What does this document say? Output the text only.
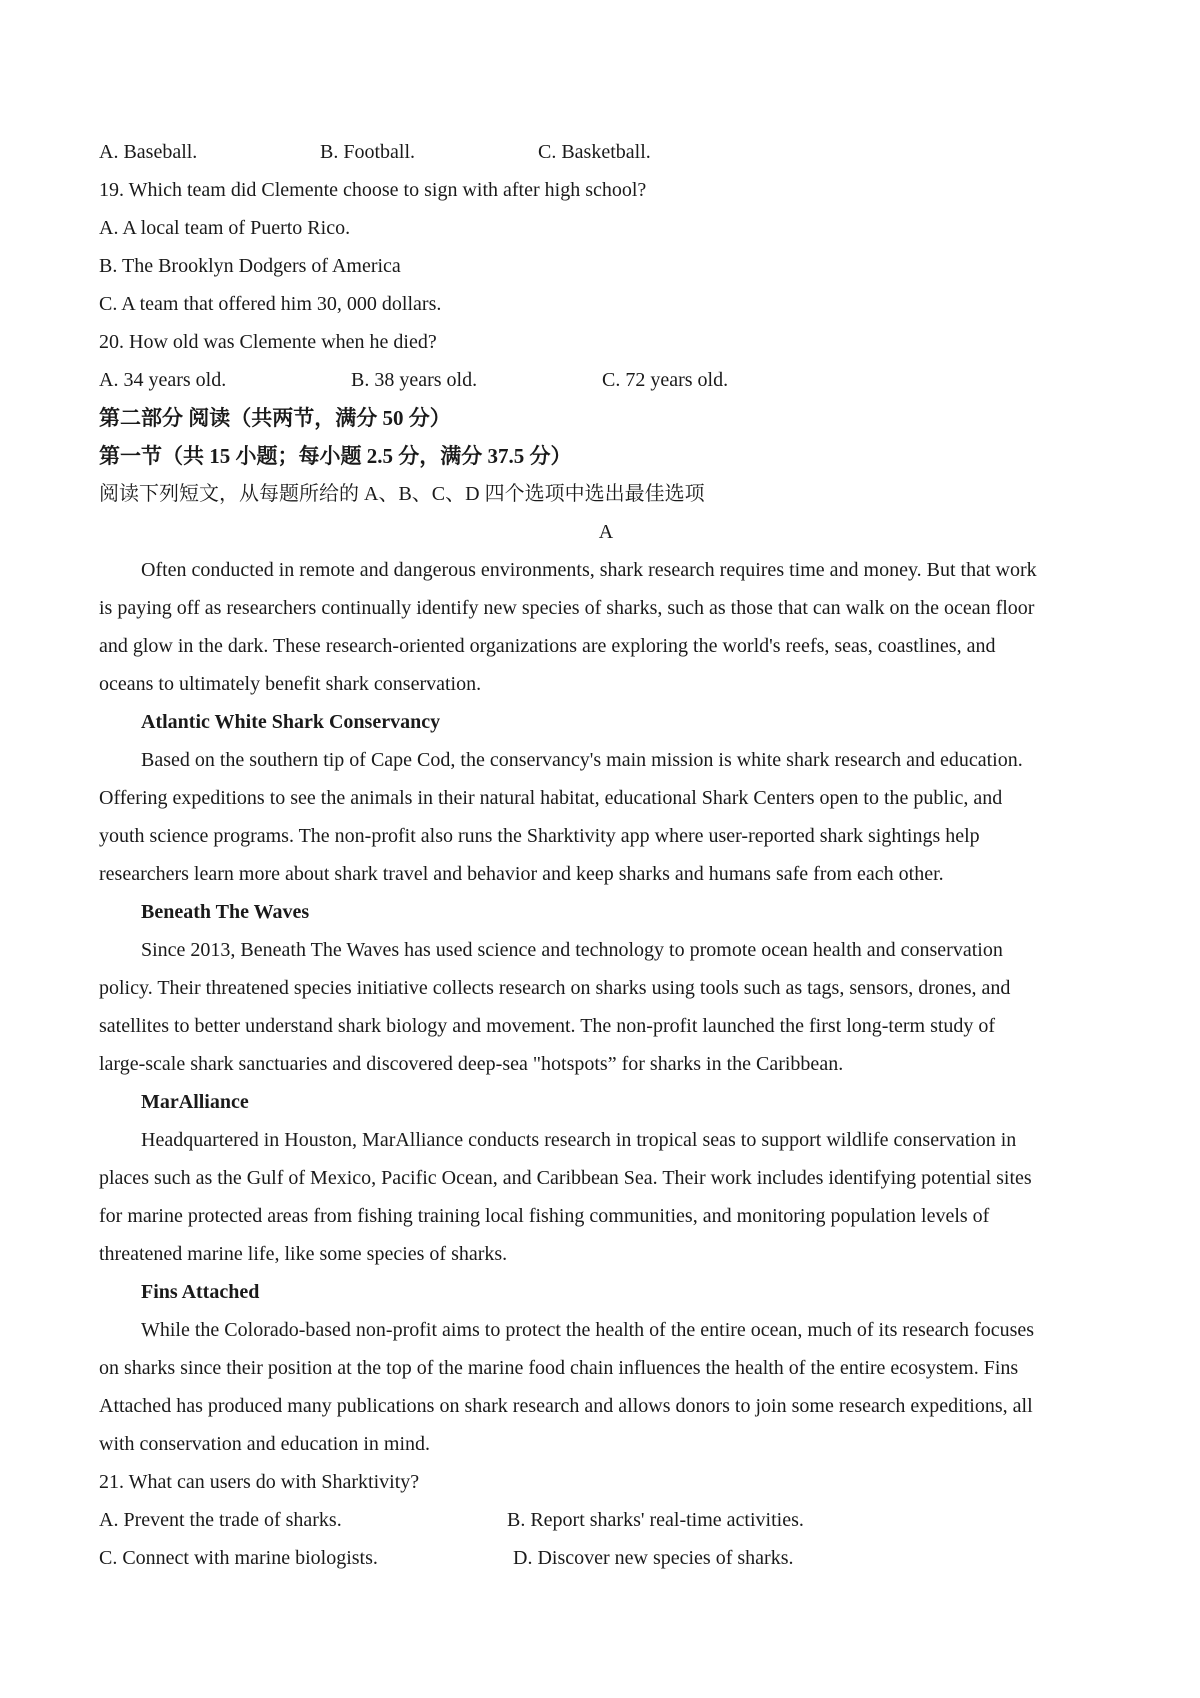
A. Baseball.	B. Football.	C. Basketball.
19. Which team did Clemente choose to sign with after high school?
A. A local team of Puerto Rico.
B. The Brooklyn Dodgers of America
C. A team that offered him 30, 000 dollars.
20. How old was Clemente when he died?
A. 34 years old.	B. 38 years old.	C. 72 years old.
第二部分 阅读（共两节，满分 50 分）
第一节（共 15 小题；每小题 2.5 分，满分 37.5 分）
阅读下列短文，从每题所给的 A、B、C、D 四个选项中选出最佳选项
A
Often conducted in remote and dangerous environments, shark research requires time and money. But that work
is paying off as researchers continually identify new species of sharks, such as those that can walk on the ocean floor
and glow in the dark. These research-oriented organizations are exploring the world's reefs, seas, coastlines, and
oceans to ultimately benefit shark conservation.
Atlantic White Shark Conservancy
Based on the southern tip of Cape Cod, the conservancy's main mission is white shark research and education.
Offering expeditions to see the animals in their natural habitat, educational Shark Centers open to the public, and
youth science programs. The non-profit also runs the Sharktivity app where user-reported shark sightings help
researchers learn more about shark travel and behavior and keep sharks and humans safe from each other.
Beneath The Waves
Since 2013, Beneath The Waves has used science and technology to promote ocean health and conservation
policy. Their threatened species initiative collects research on sharks using tools such as tags, sensors, drones, and
satellites to better understand shark biology and movement. The non-profit launched the first long-term study of
large-scale shark sanctuaries and discovered deep-sea "hotspots” for sharks in the Caribbean.
MarAlliance
Headquartered in Houston, MarAlliance conducts research in tropical seas to support wildlife conservation in
places such as the Gulf of Mexico, Pacific Ocean, and Caribbean Sea. Their work includes identifying potential sites
for marine protected areas from fishing training local fishing communities, and monitoring population levels of
threatened marine life, like some species of sharks.
Fins Attached
While the Colorado-based non-profit aims to protect the health of the entire ocean, much of its research focuses
on sharks since their position at the top of the marine food chain influences the health of the entire ecosystem. Fins
Attached has produced many publications on shark research and allows donors to join some research expeditions, all
with conservation and education in mind.
21. What can users do with Sharktivity?
A. Prevent the trade of sharks.	B. Report sharks' real-time activities.
C. Connect with marine biologists.	D. Discover new species of sharks.
